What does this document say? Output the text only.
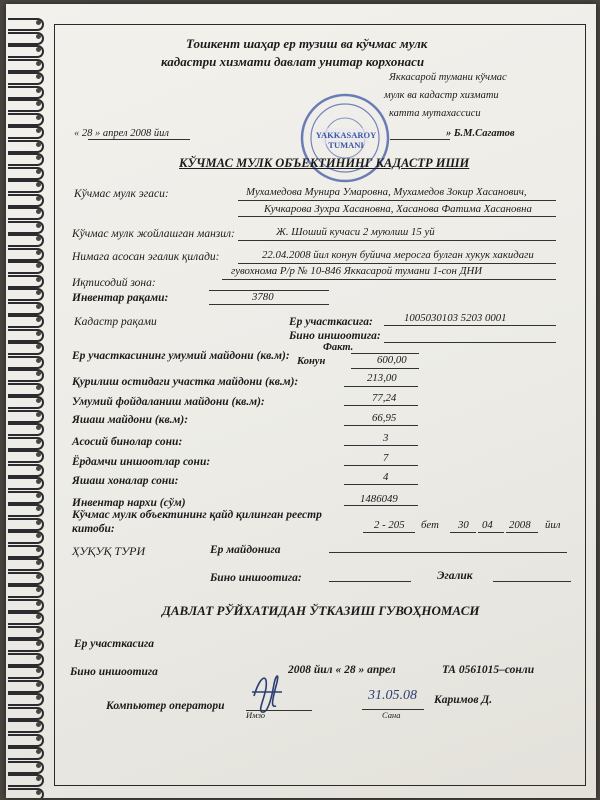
Тошкент шаҳар ер тузиш ва кўчмас мулк
кадастри хизмати давлат унитар корхонаси
Яккасарой тумани кўчмас
мулк ва кадастр хизмати
катта мутахассиси
« 28 » апрел 2008 йил	» Б.М.Сагатов
YAKKASAROY TUMANI
КЎЧМАС МУЛК ОБЪЕКТИНИНГ КАДАСТР ИШИ
Кўчмас мулк эгаси:	Мухамедова Мунира Умаровна, Мухамедов Зокир Хасанович,
Кучкарова Зухра Хасановна, Хасанова Фатима Хасановна
Кўчмас мулк жойлашган манзил:	Ж. Шоший кучаси 2 муюлиш 15 уй
Нимага асосан эгалик қилади:	22.04.2008 йил конун буйича меросга булган хукук хакидаги
гувохнома Р/р № 10-846 Яккасарой тумани 1-сон ДНИ
Иқтисодий зона:
Инвентар рақами:	3780
Кадастр рақами	Ер участкасига:	1005030103 5203 0001
Бино иншоотига:
Ер участкасининг умумий майдони (кв.м):
Факт.
Конун	600,00
Қурилиш остидаги участка майдони (кв.м):	213,00
Умумий фойдаланиш майдони (кв.м):	77,24
Яшаш майдони (кв.м):	66,95
Асосий бинолар сони:	3
Ёрдамчи иншоотлар сони:	7
Яшаш хоналар сони:	4
Инвентар нархи (сўм)	1486049
Кўчмас мулк объектининг қайд қилинган реестр
китоби:	2 - 205 бет 30 04 2008 йил
ҲУҚУҚ ТУРИ	Ер майдонига
Бино иншоотига:	Эгалик
ДАВЛАТ РЎЙХАТИДАН ЎТКАЗИШ ГУВОҲНОМАСИ
Ер участкасига
Бино иншоотига	2008 йил « 28 » апрел	ТА 0561015–сонли
Компьютер оператори
Имзо
31.05.08
Сана
Каримов Д.
